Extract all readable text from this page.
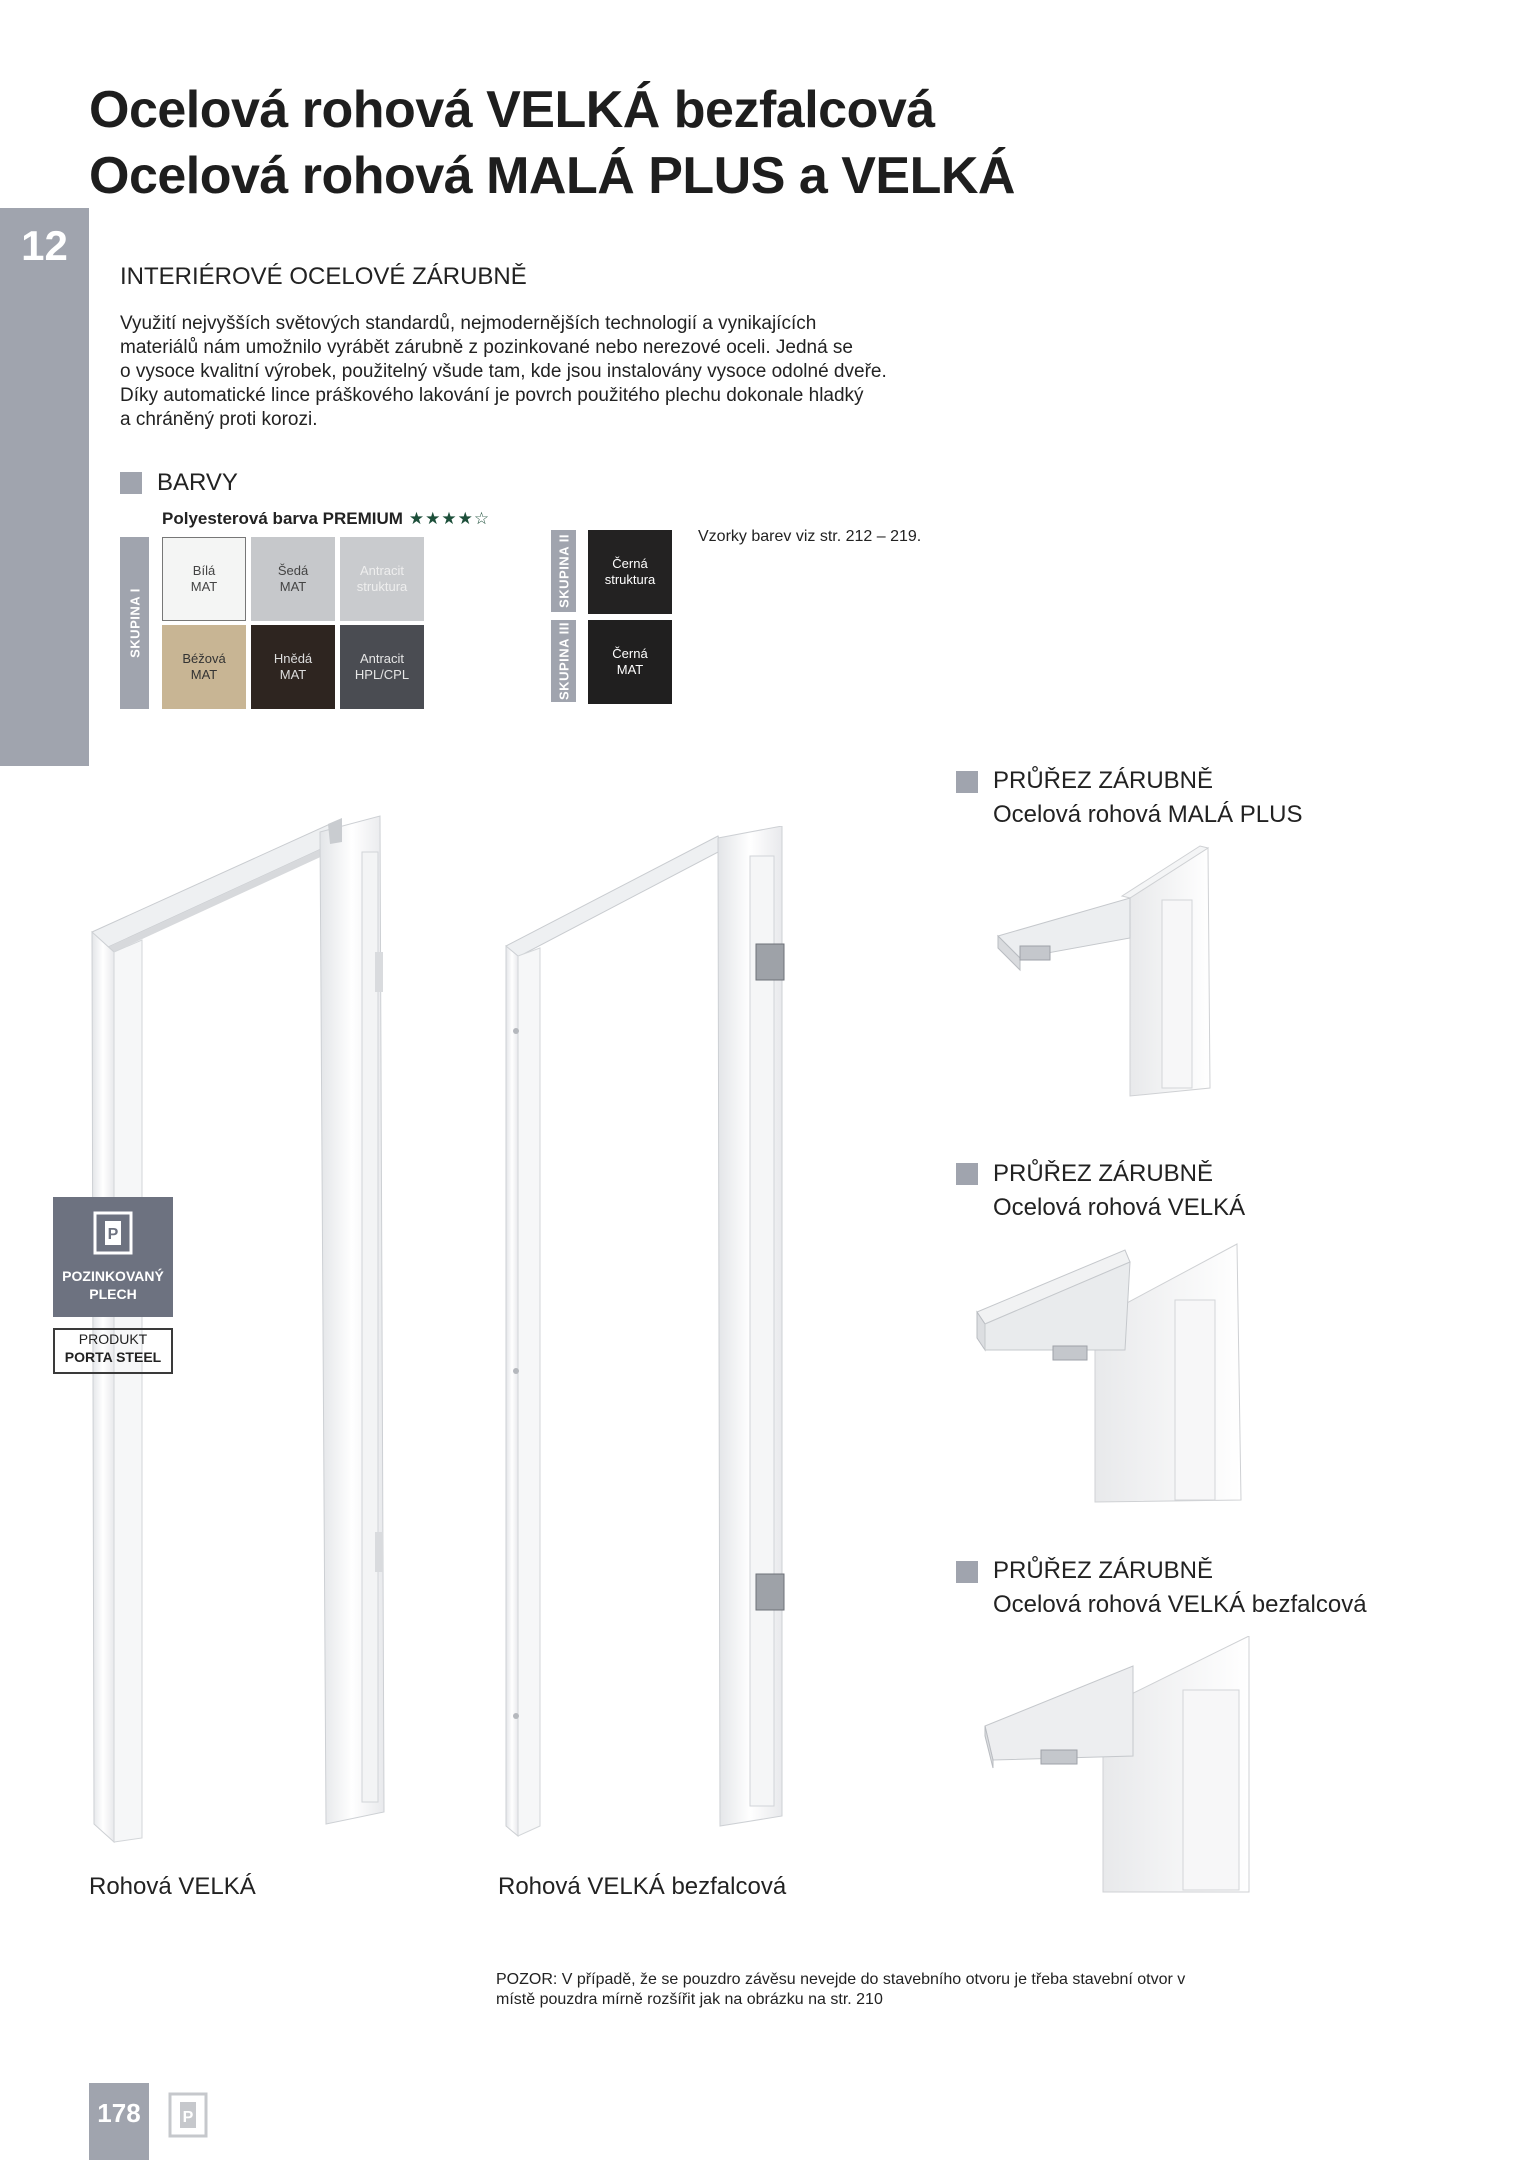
Ocelová rohová VELKÁ bezfalcová
Ocelová rohová MALÁ PLUS a VELKÁ
12
INTERIÉROVÉ OCELOVÉ ZÁRUBNĚ

Využití nejvyšších světových standardů, nejmodernějších technologií a vynikajících

materiálů nám umožnilo vyrábět zárubně z pozinkované nebo nerezové oceli. Jedná se

o vysoce kvalitní výrobek, použitelný všude tam, kde jsou instalovány vysoce odolné dveře.

Díky automatické lince práškového lakování je povrch použitého plechu dokonale hladký

a chráněný proti korozi.

BARVY
Polyesterová barva PREMIUM ★★★★☆
SKUPINA I
Bílá
MAT
Šedá
MAT
Antracit
struktura
Béžová
MAT
Hnědá
MAT
Antracit
HPL/CPL
SKUPINA II	Černá
struktura
SKUPINA III	Černá
MAT
Vzorky barev viz str. 212 – 219.
PRŮŘEZ ZÁRUBNĚ
Ocelová rohová MALÁ PLUS
PRŮŘEZ ZÁRUBNĚ
Ocelová rohová VELKÁ
PRŮŘEZ ZÁRUBNĚ
Ocelová rohová VELKÁ bezfalcová
Rohová VELKÁ	Rohová VELKÁ bezfalcová
P
POZINKOVANÝ
PLECH
PRODUKT
PORTA STEEL

POZOR: V případě, že se pouzdro závěsu nevejde do stavebního otvoru je třeba stavební otvor v

místě pouzdra mírně rozšířit jak na obrázku na str. 210

178	P
